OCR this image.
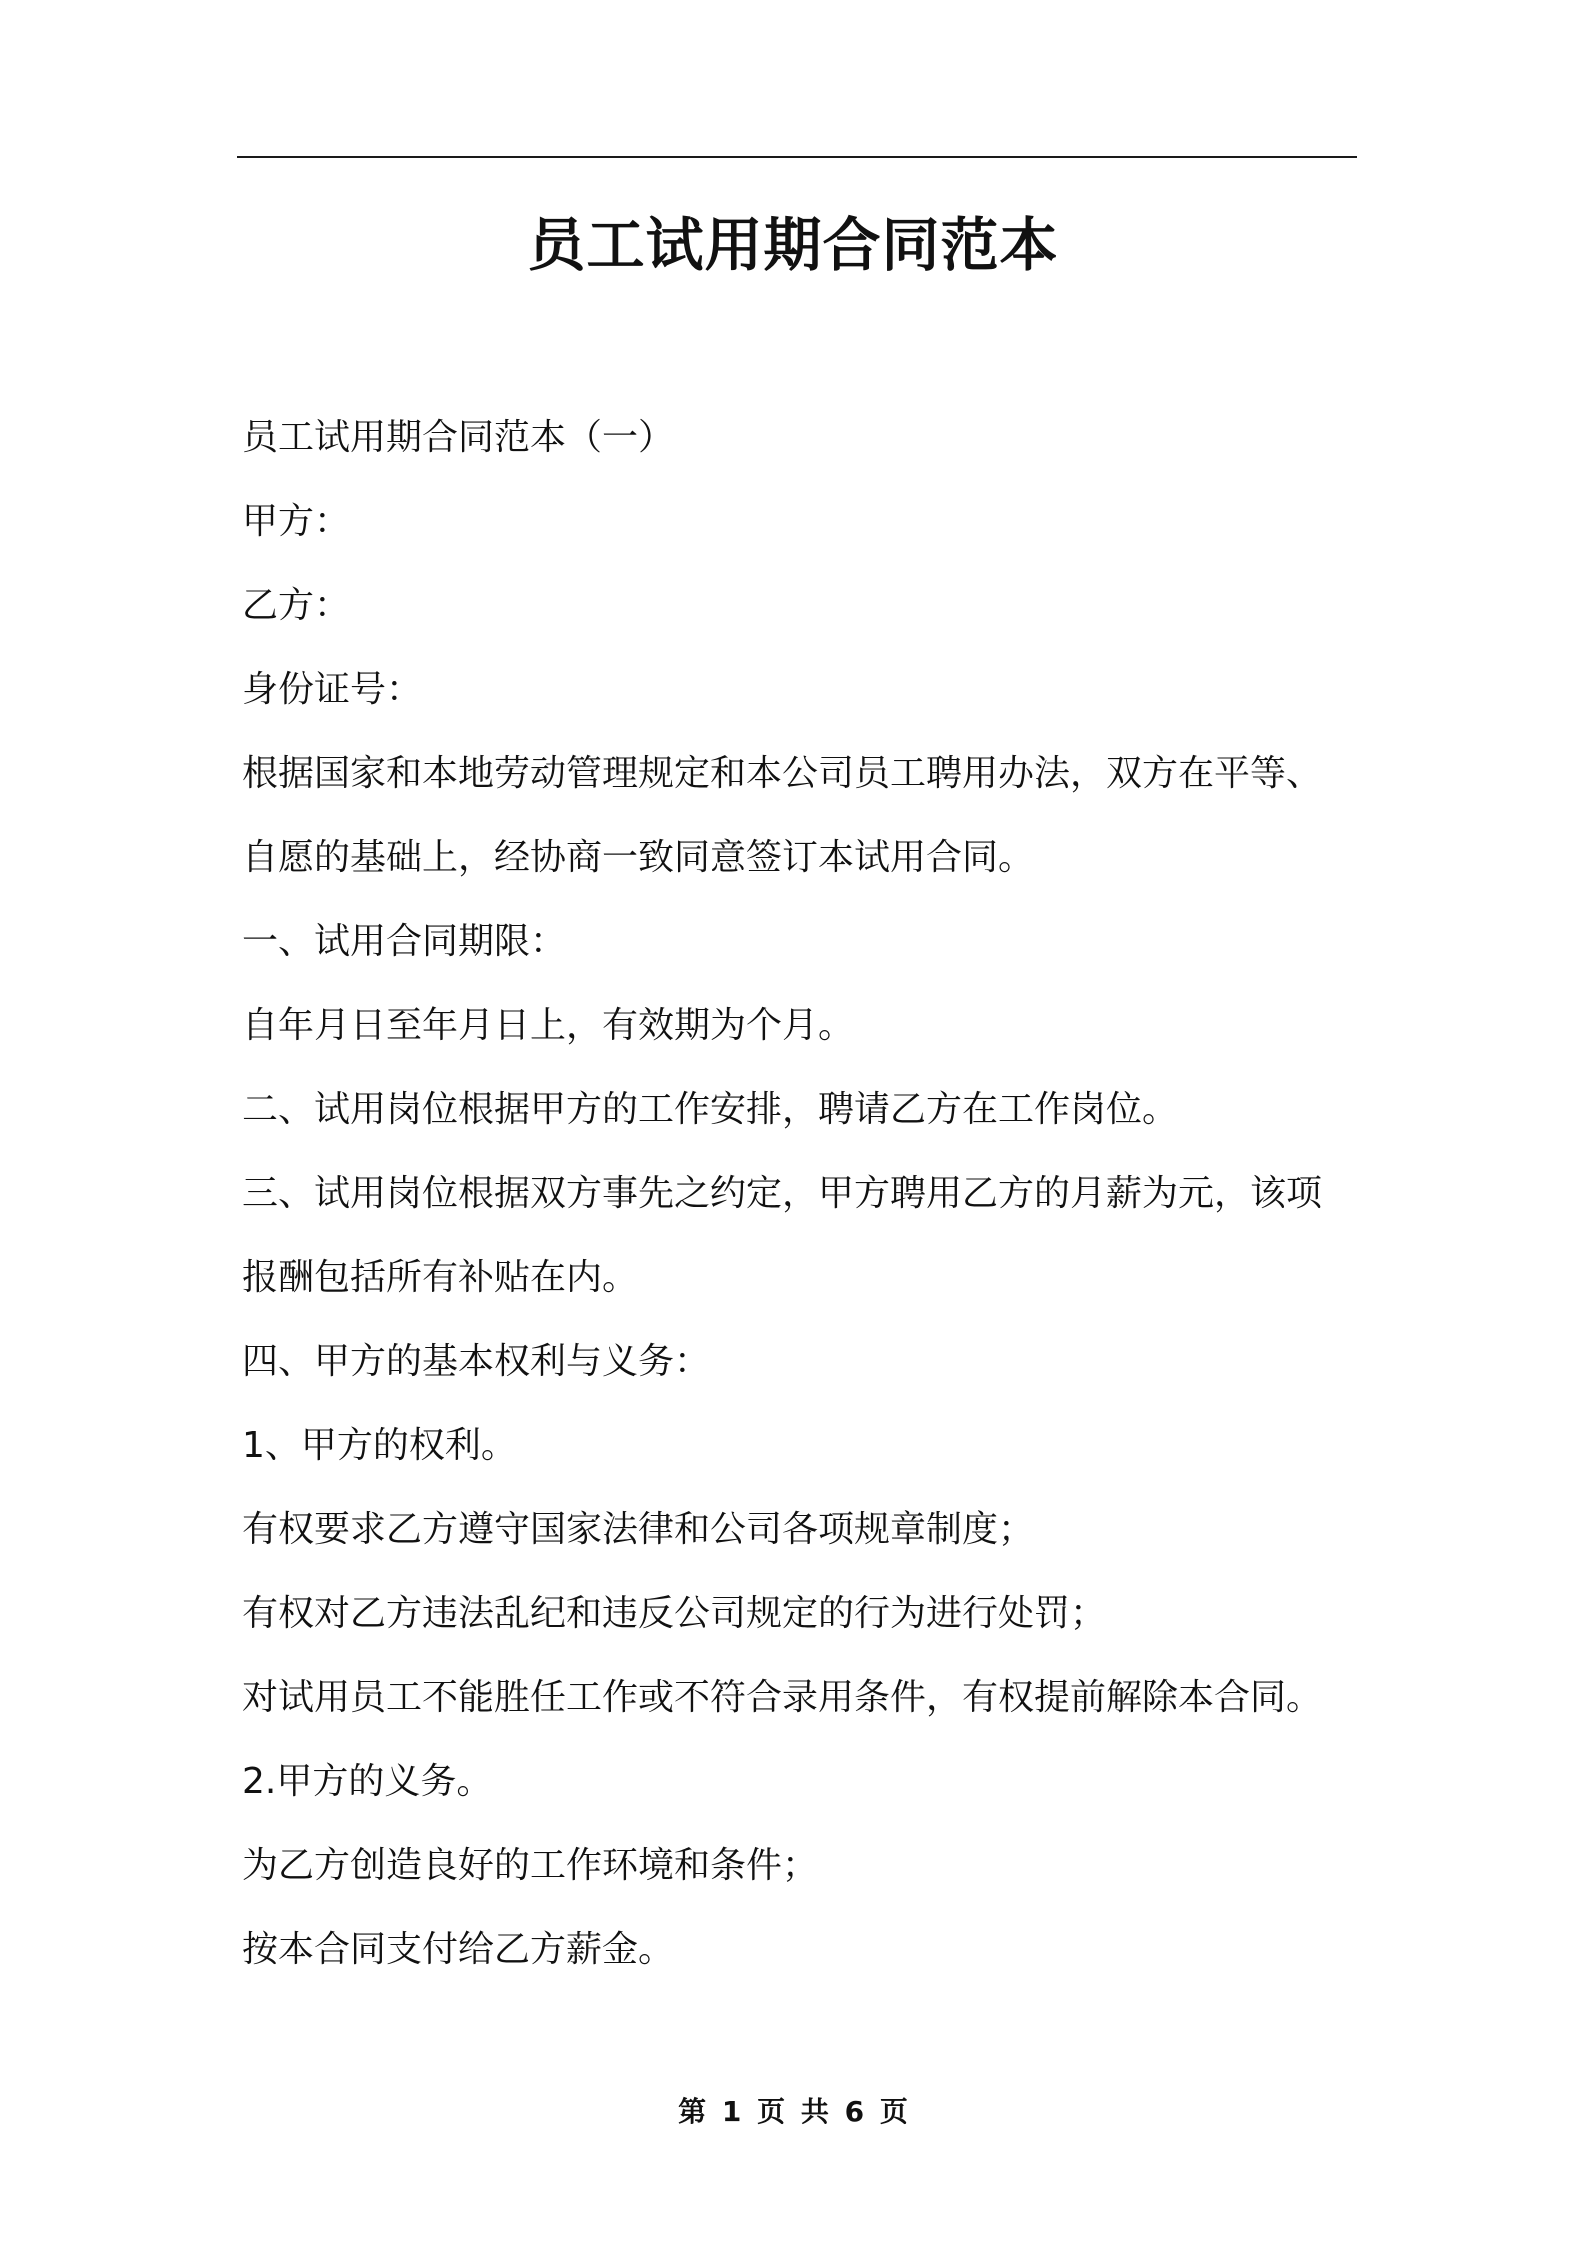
员工试用期合同范本
员工试用期合同范本（一）
甲方：
乙方：
身份证号：
根据国家和本地劳动管理规定和本公司员工聘用办法，双方在平等、
自愿的基础上，经协商一致同意签订本试用合同。
一、试用合同期限：
自年月日至年月日上，有效期为个月。
二、试用岗位根据甲方的工作安排，聘请乙方在工作岗位。
三、试用岗位根据双方事先之约定，甲方聘用乙方的月薪为元，该项
报酬包括所有补贴在内。
四、甲方的基本权利与义务：
1、甲方的权利。
有权要求乙方遵守国家法律和公司各项规章制度；
有权对乙方违法乱纪和违反公司规定的行为进行处罚；
对试用员工不能胜任工作或不符合录用条件，有权提前解除本合同。
2.甲方的义务。
为乙方创造良好的工作环境和条件；
按本合同支付给乙方薪金。
第 1 页 共 6 页
